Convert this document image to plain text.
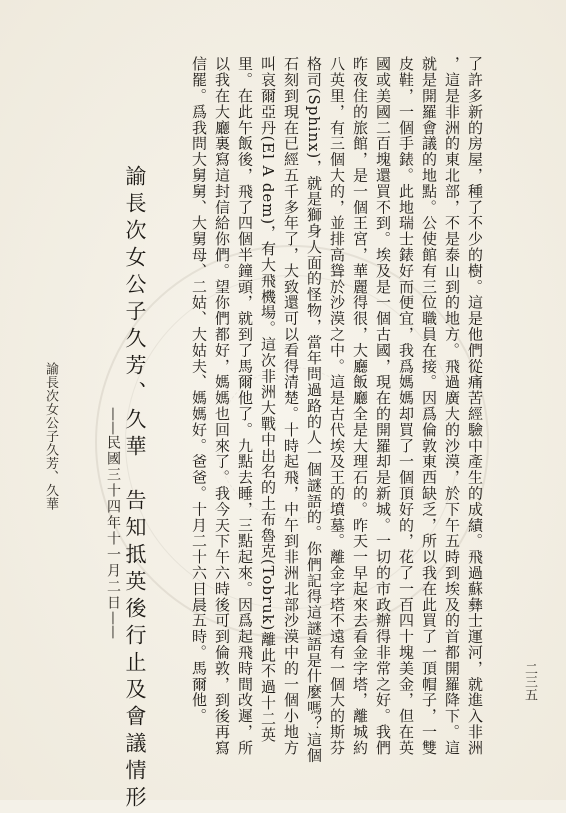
諭長次女公子久芳、久華
二三五
了許多新的房屋，種了不少的樹。這是他們從痛苦經驗中產生的成績。飛過蘇彝士運河，就進入非洲
，這是非洲的東北部，不是泰山到的地方。飛過廣大的沙漠，於下午五時到埃及的首都開羅降下。這
就是開羅會議的地點。公使館有三位職員在接。因爲倫敦東西缺乏，所以我在此買了一頂帽子，一雙
皮鞋，一個手錶。此地瑞士錶好而便宜，我爲媽媽却買了一個頂好的，花了一百四十塊美金，但在英
國或美國二百塊還買不到。埃及是一個古國，現在的開羅却是新城。一切的市政辦得非常之好。我們
昨夜住的旅館，是一個王宮，華麗得很，大廳飯廳全是大理石的。昨天一早起來去看金字塔，離城約
八英里，有三個大的，並排高聳於沙漠之中。這是古代埃及王的墳墓。離金字塔不遠有一個大的斯芬
格司(Sphinx)，就是獅身人面的怪物，當年問過路的人一個謎語的。你們記得這謎語是什麼嗎？這個
石刻到現在已經五千多年了，大致還可以看得清楚。十時起飛，中午到非洲北部沙漠中的一個小地方
叫哀爾亞丹(El A dem)，有大飛機場。這次非洲大戰中出名的土布魯克(Tobruk)離此不過十二英
里。在此午飯後，飛了四個半鐘頭，就到了馬爾他了。九點去睡，三點起來。因爲起飛時間改遲，所
以我在大廳裏寫這封信給你們。望你們都好，媽媽也回來了。我今天下午六時後可到倫敦，到後再寫
信罷。爲我問大舅舅、大舅母、二姑、大姑夫、媽媽好。爸爸。十月二十六日晨五時。馬爾他。
諭長次女公子久芳、久華　告知抵英後行止及會議情形
——民國三十四年十一月二日——
